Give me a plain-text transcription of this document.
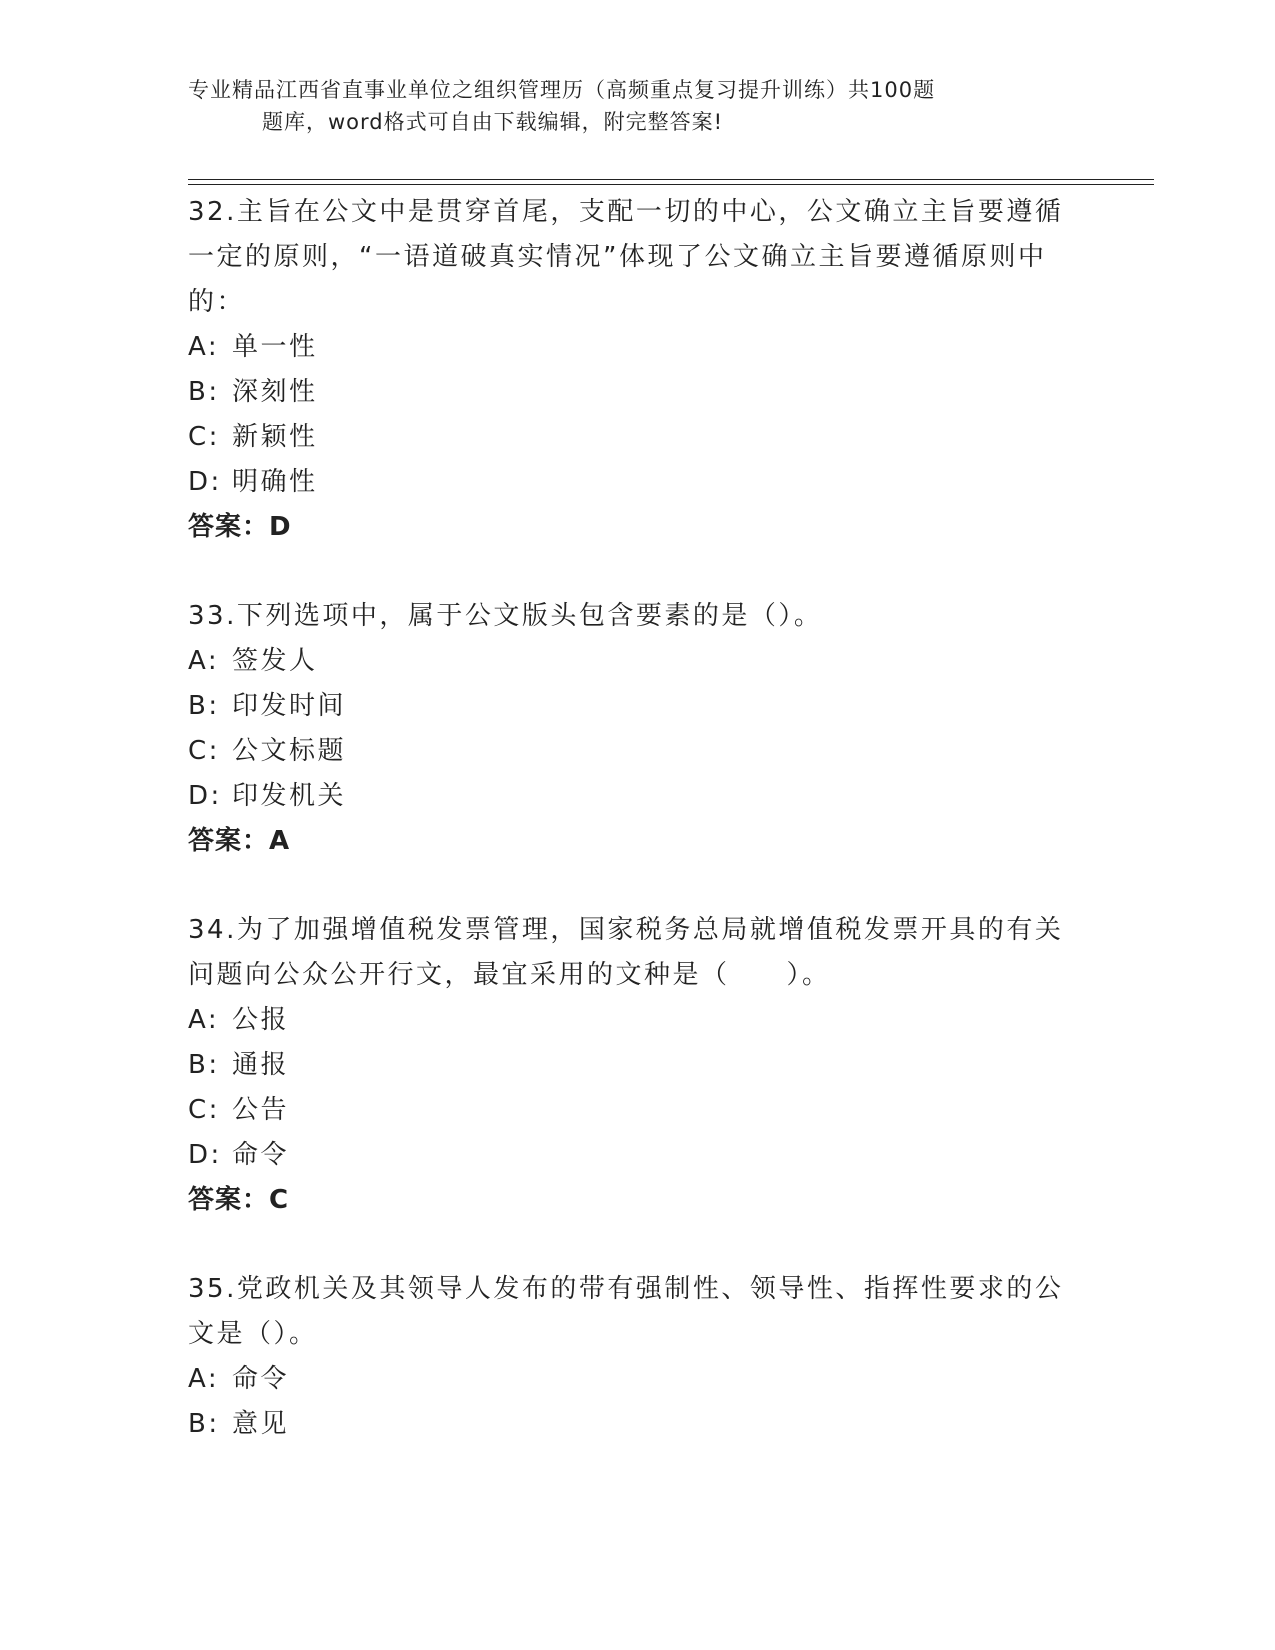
专业精品江西省直事业单位之组织管理历（高频重点复习提升训练）共100题
题库，word格式可自由下载编辑，附完整答案!

32.主旨在公文中是贯穿首尾，支配一切的中心，公文确立主旨要遵循一定的原则，“一语道破真实情况”体现了公文确立主旨要遵循原则中的：

A: 单一性

B: 深刻性

C: 新颖性

D: 明确性

答案：D

33.下列选项中，属于公文版头包含要素的是（）。

A: 签发人

B: 印发时间

C: 公文标题

D: 印发机关

答案：A

34.为了加强增值税发票管理，国家税务总局就增值税发票开具的有关问题向公众公开行文，最宜采用的文种是（　　）。

A: 公报

B: 通报

C: 公告

D: 命令

答案：C

35.党政机关及其领导人发布的带有强制性、领导性、指挥性要求的公文是（）。

A: 命令

B: 意见
